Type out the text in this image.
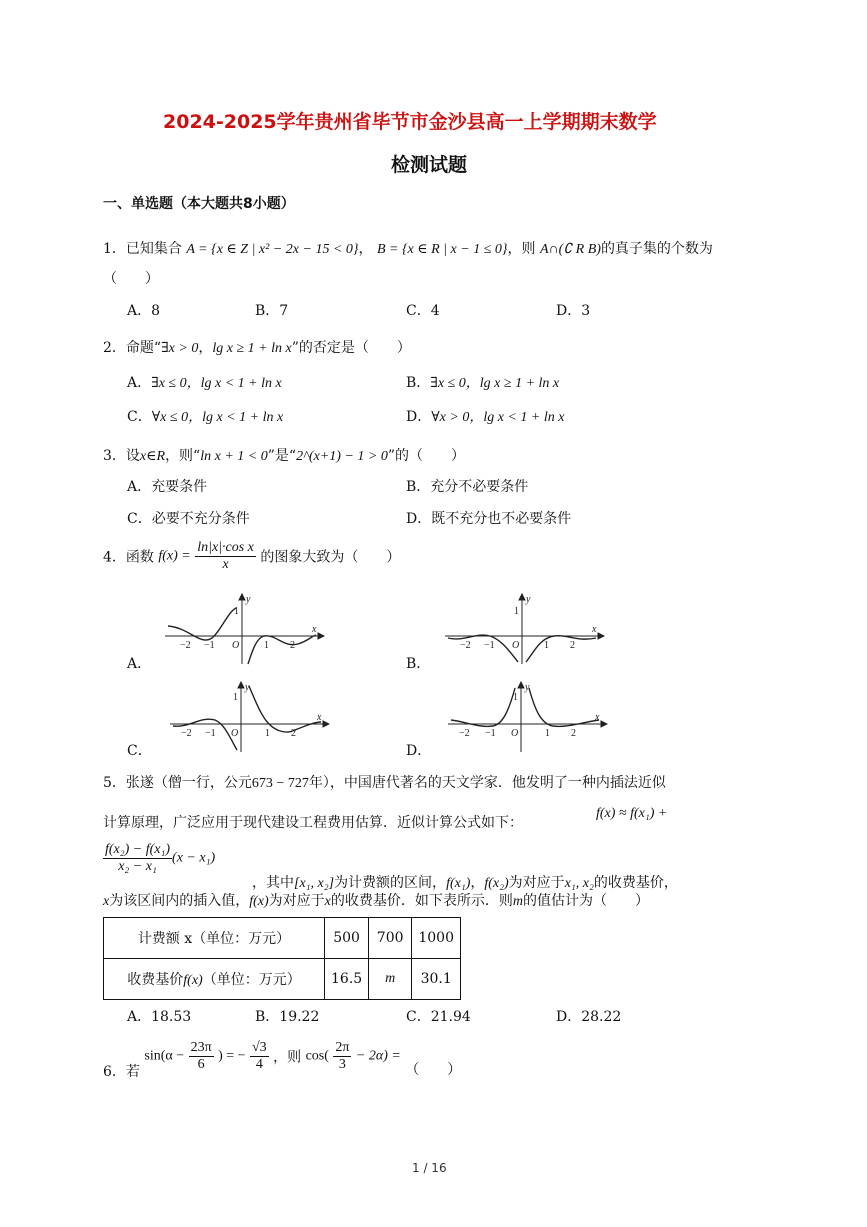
2024-2025学年贵州省毕节市金沙县高一上学期期末数学
检测试题
一、单选题（本大题共8小题）
1．已知集合 A = {x ∈ Z | x² − 2x − 15 < 0}， B = {x ∈ R | x − 1 ≤ 0}，则 A∩(∁ R B)的真子集的个数为
（　　）
A．8	B．7	C．4	D．3
2．命题“∃x > 0，lg x ≥ 1 + ln x”的否定是（　　）
A．∃x ≤ 0，lg x < 1 + ln x	B．∃x ≤ 0，lg x ≥ 1 + ln x
C．∀x ≤ 0，lg x < 1 + ln x	D．∀x > 0，lg x < 1 + ln x
3．设x∈R，则“ln x + 1 < 0”是“2^(x+1) − 1 > 0”的（　　）
A．充要条件	B．充分不必要条件
C．必要不充分条件	D．既不充分也不必要条件
4．函数 $f(x) = \frac{\text{ln|x|·cos x}}{x}$ 的图象大致为（　　）
A．	B．
C．	D．
y
x
O
1
−2 −1	1 2
y
x
O
1
−2 −1	1 2
y
x
O
1
−2 −1	1 2
y
x
O
1
−2 −1	1 2
5．张遂（僧一行，公元673 − 727年），中国唐代著名的天文学家．他发明了一种内插法近似
计算原理，广泛应用于现代建设工程费用估算．近似计算公式如下：
f(x) ≈ f(x₁) +
$\frac{\text{f(x₂) − f(x₁)}}{\text{x₂ − x₁}} (x - x_1)$
，其中[x₁, x₂]为计费额的区间，f(x₁)，f(x₂)为对应于x₁, x₂的收费基价，
x为该区间内的插入值，f(x)为对应于x的收费基价．如下表所示．则m的值估计为（　　）
计费额 x（单位：万元）	500	700	1000
收费基价f(x)（单位：万元）	16.5	m	30.1
A．18.53	B．19.22	C．21.94	D．28.22
6．若 $\sin(\alpha - \frac{23\pi}{6}$ ) = − $\frac{√3}{4}$ ，则 $\cos( \frac{2\pi}{3} - 2\alpha)$ = （　　）
1 / 16
